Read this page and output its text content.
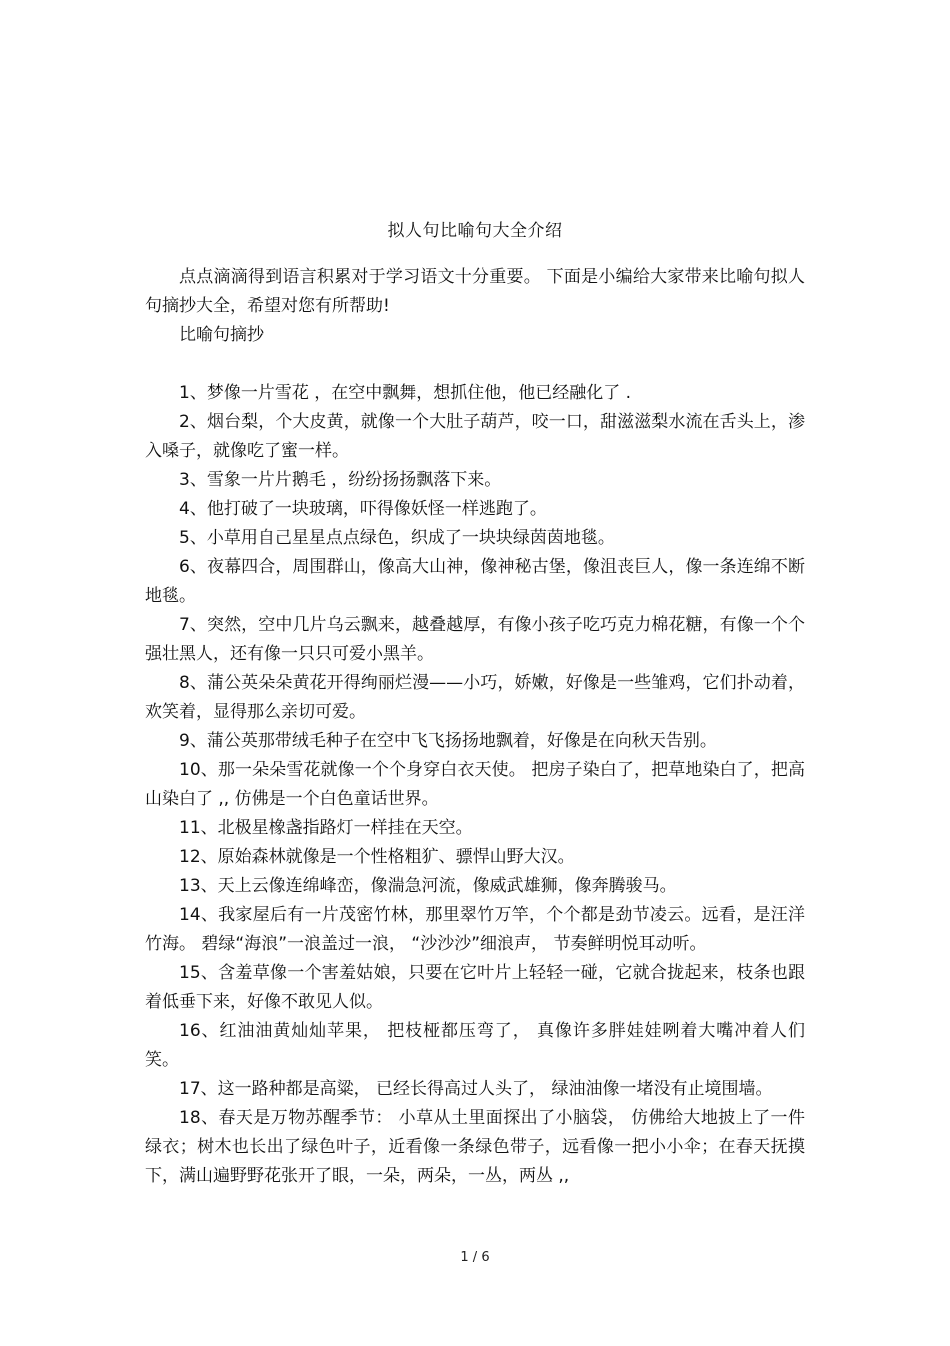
拟人句比喻句大全介绍

点点滴滴得到语言积累对于学习语文十分重要。 下面是小编给大家带来比喻句拟人句摘抄大全，希望对您有所帮助!

比喻句摘抄

1、梦像一片雪花 ，在空中飘舞，想抓住他，他已经融化了 .

2、烟台梨，个大皮黄，就像一个大肚子葫芦，咬一口，甜滋滋梨水流在舌头上，渗入嗓子，就像吃了蜜一样。

3、雪象一片片鹅毛 ，纷纷扬扬飘落下来。

4、他打破了一块玻璃，吓得像妖怪一样逃跑了。

5、小草用自己星星点点绿色，织成了一块块绿茵茵地毯。

6、夜幕四合，周围群山，像高大山神，像神秘古堡，像沮丧巨人，像一条连绵不断地毯。

7、突然，空中几片乌云飘来，越叠越厚，有像小孩子吃巧克力棉花糖，有像一个个强壮黑人，还有像一只只可爱小黑羊。

8、蒲公英朵朵黄花开得绚丽烂漫——小巧，娇嫩，好像是一些雏鸡，它们扑动着，欢笑着，显得那么亲切可爱。

9、蒲公英那带绒毛种子在空中飞飞扬扬地飘着，好像是在向秋天告别。

10、那一朵朵雪花就像一个个身穿白衣天使。 把房子染白了，把草地染白了，把高山染白了 ,, 仿佛是一个白色童话世界。

11、北极星橡盏指路灯一样挂在天空。

12、原始森林就像是一个性格粗犷、骠悍山野大汉。

13、天上云像连绵峰峦，像湍急河流，像威武雄狮，像奔腾骏马。

14、我家屋后有一片茂密竹林，那里翠竹万竿，个个都是劲节凌云。远看，是汪洋竹海。 碧绿“海浪”一浪盖过一浪， “沙沙沙”细浪声， 节奏鲜明悦耳动听。

15、含羞草像一个害羞姑娘，只要在它叶片上轻轻一碰，它就合拢起来，枝条也跟着低垂下来，好像不敢见人似。

16、红油油黄灿灿苹果， 把枝桠都压弯了， 真像许多胖娃娃咧着大嘴冲着人们笑。

17、这一路种都是高粱， 已经长得高过人头了， 绿油油像一堵没有止境围墙。

18、春天是万物苏醒季节： 小草从土里面探出了小脑袋， 仿佛给大地披上了一件绿衣；树木也长出了绿色叶子，近看像一条绿色带子，远看像一把小小伞；在春天抚摸下，满山遍野野花张开了眼，一朵，两朵，一丛，两丛 ,,

1 / 6
